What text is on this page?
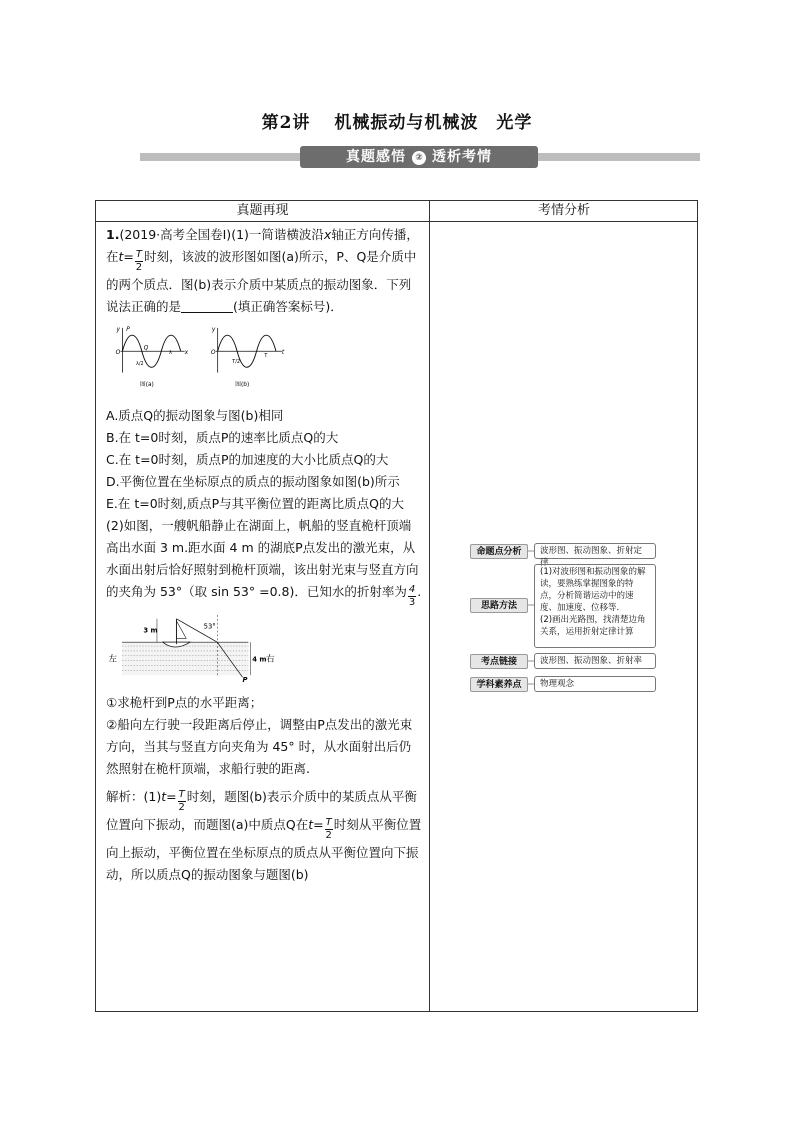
第2讲 机械振动与机械波　光学
真题感悟 ② 透析考情
真题再现	考情分析

1.(2019·高考全国卷Ⅰ)(1)一简谐横波沿x轴正方向传播，在$t= \frac{T}{2}$ 时刻，该波的波形图如图(a)所示，P、Q是介质中的两个质点．图(b)表示介质中某质点的振动图象．下列说法正确的是	(填正确答案标号)．

y
O
P
Q
x
λ
λ/2
图(a)
y
O	t
T
T/2
图(b)

A.质点Q的振动图象与图(b)相同

B.在 t=0时刻，质点P的速率比质点Q的大

C.在 t=0时刻，质点P的加速度的大小比质点Q的大

D.平衡位置在坐标原点的质点的振动图象如图(b)所示

E.在 t=0时刻,质点P与其平衡位置的距离比质点Q的大

(2)如图，一艘帆船静止在湖面上，帆船的竖直桅杆顶端高出水面 3 m.距水面 4 m 的湖底P点发出的激光束，从水面出射后恰好照射到桅杆顶端，该出射光束与竖直方向的夹角为 53°（取 sin 53° =0.8)．已知水的折射率为 $\frac{4}{3}$ .

53°
3 m
4 m
左	右
P

①求桅杆到P点的水平距离；

②船向左行驶一段距离后停止，调整由P点发出的激光束方向，当其与竖直方向夹角为 45° 时，从水面射出后仍然照射在桅杆顶端，求船行驶的距离.

解析：$(1)t= \frac{T}{2}$ 时刻，题图(b)表示介质中的某质点从平衡位置向下振动，而题图(a)中质点Q在$t= \frac{T}{2}$ 时刻从平衡位置向上振动，平衡位置在坐标原点的质点从平衡位置向下振动，所以质点Q的振动图象与题图(b)

命题点分析	波形图、振动图象、折射定律
思路方法
(1)对波形图和振动图象的解读，要熟练掌握图象的特点，分析简谐运动中的速度、加速度、位移等.
(2)画出光路图，找清楚边角关系，运用折射定律计算
考点链接	波形图、振动图象、折射率
学科素养点	物理观念
